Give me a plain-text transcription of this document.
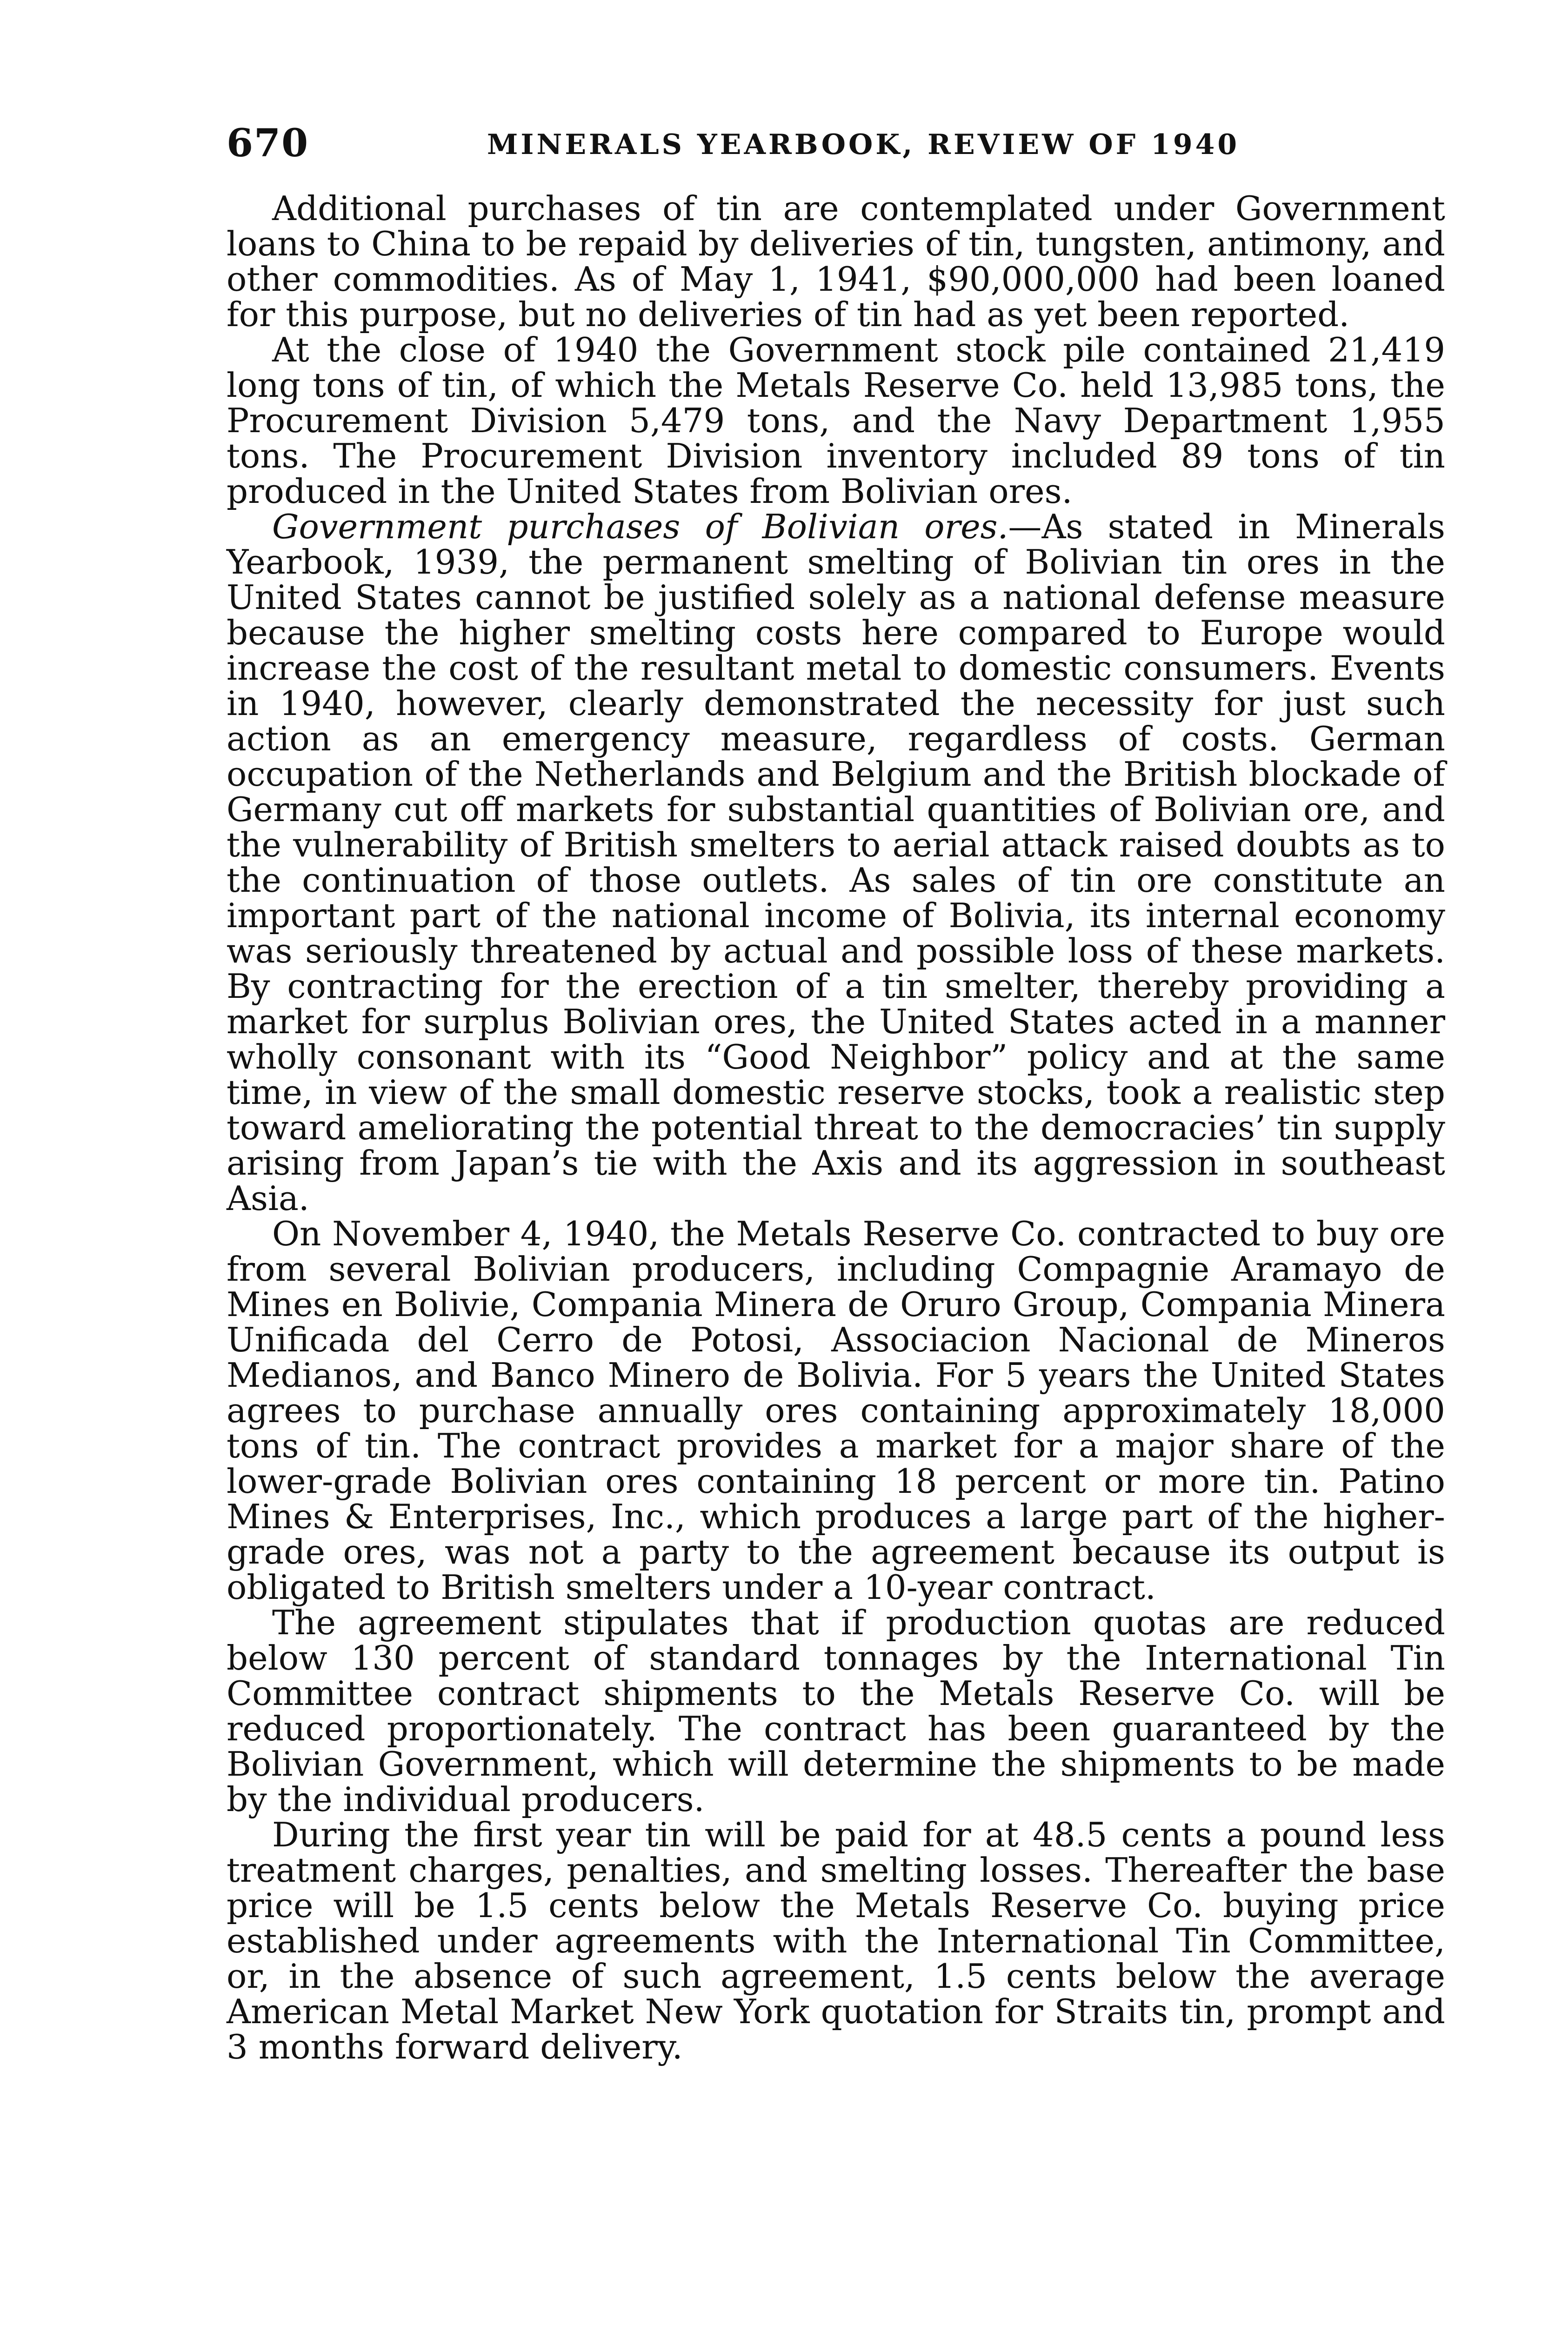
670	MINERALS YEARBOOK, REVIEW OF 1940

Additional purchases of tin are contemplated under Government loans to China to be repaid by deliveries of tin, tungsten, antimony, and other commodities. As of May 1, 1941, $90,000,000 had been loaned for this purpose, but no deliveries of tin had as yet been reported.

At the close of 1940 the Government stock pile contained 21,419 long tons of tin, of which the Metals Reserve Co. held 13,985 tons, the Procurement Division 5,479 tons, and the Navy Department 1,955 tons. The Procurement Division inventory included 89 tons of tin produced in the United States from Bolivian ores.

Government purchases of Bolivian ores.—As stated in Minerals Yearbook, 1939, the permanent smelting of Bolivian tin ores in the United States cannot be justified solely as a national defense measure because the higher smelting costs here compared to Europe would increase the cost of the resultant metal to domestic consumers. Events in 1940, however, clearly demonstrated the necessity for just such action as an emergency measure, regardless of costs. German occupation of the Netherlands and Belgium and the British blockade of Germany cut off markets for substantial quantities of Bolivian ore, and the vulnerability of British smelters to aerial attack raised doubts as to the continuation of those outlets. As sales of tin ore constitute an important part of the national income of Bolivia, its internal economy was seriously threatened by actual and possible loss of these markets. By contracting for the erection of a tin smelter, thereby providing a market for surplus Bolivian ores, the United States acted in a manner wholly consonant with its “Good Neighbor” policy and at the same time, in view of the small domestic reserve stocks, took a realistic step toward ameliorating the potential threat to the democracies’ tin supply arising from Japan’s tie with the Axis and its aggression in southeast Asia.

On November 4, 1940, the Metals Reserve Co. contracted to buy ore from several Bolivian producers, including Compagnie Aramayo de Mines en Bolivie, Compania Minera de Oruro Group, Compania Minera Unificada del Cerro de Potosi, Associacion Nacional de Mineros Medianos, and Banco Minero de Bolivia. For 5 years the United States agrees to purchase annually ores containing approximately 18,000 tons of tin. The contract provides a market for a major share of the lower-grade Bolivian ores containing 18 percent or more tin. Patino Mines & Enterprises, Inc., which produces a large part of the higher-grade ores, was not a party to the agreement because its output is obligated to British smelters under a 10-year contract.

The agreement stipulates that if production quotas are reduced below 130 percent of standard tonnages by the International Tin Committee contract shipments to the Metals Reserve Co. will be reduced proportionately. The contract has been guaranteed by the Bolivian Government, which will determine the shipments to be made by the individual producers.

During the first year tin will be paid for at 48.5 cents a pound less treatment charges, penalties, and smelting losses. Thereafter the base price will be 1.5 cents below the Metals Reserve Co. buying price established under agreements with the International Tin Committee, or, in the absence of such agreement, 1.5 cents below the average American Metal Market New York quotation for Straits tin, prompt and 3 months forward delivery.
